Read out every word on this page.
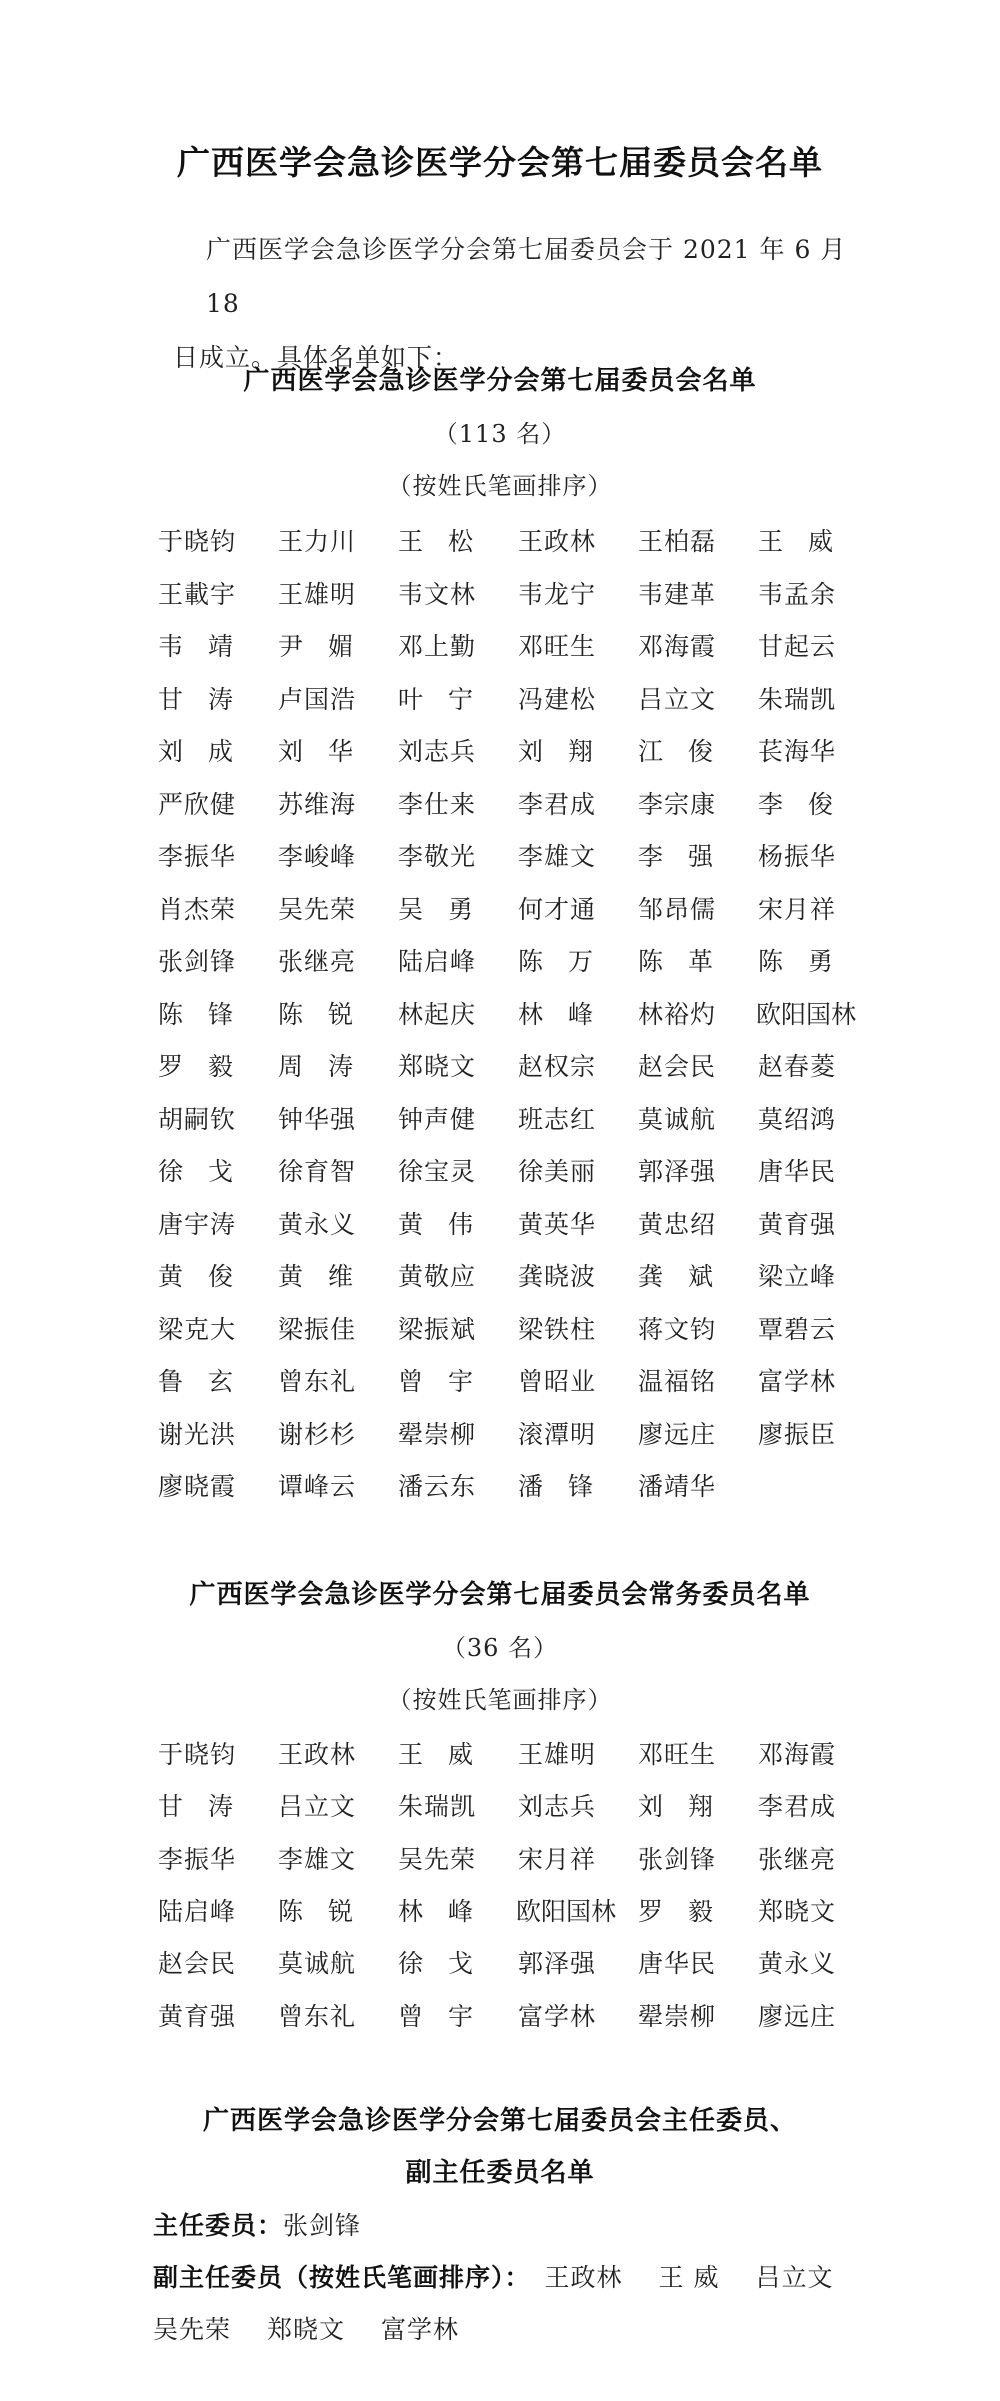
广西医学会急诊医学分会第七届委员会名单
广西医学会急诊医学分会第七届委员会于 2021 年 6 月 18
日成立。具体名单如下：
广西医学会急诊医学分会第七届委员会名单
（113 名）
（按姓氏笔画排序）
于晓钧 王力川 王 松 王政林 王柏磊 王 威
王載宇 王雄明 韦文林 韦龙宁 韦建革 韦孟余
韦 靖 尹 媚 邓上勤 邓旺生 邓海霞 甘起云
甘 涛 卢国浩 叶 宁 冯建松 吕立文 朱瑞凯
刘 成 刘 华 刘志兵 刘 翔 江 俊 苌海华
严欣健 苏维海 李仕来 李君成 李宗康 李 俊
李振华 李峻峰 李敬光 李雄文 李 强 杨振华
肖杰荣 吴先荣 吴 勇 何才通 邹昂儒 宋月祥
张剑锋 张继亮 陆启峰 陈 万 陈 革 陈 勇
陈 锋 陈 锐 林起庆 林 峰 林裕灼 欧阳国林
罗 毅 周 涛 郑晓文 赵权宗 赵会民 赵春菱
胡嗣钦 钟华强 钟声健 班志红 莫诚航 莫绍鸿
徐 戈 徐育智 徐宝灵 徐美丽 郭泽强 唐华民
唐宇涛 黄永义 黄 伟 黄英华 黄忠绍 黄育强
黄 俊 黄 维 黄敬应 龚晓波 龚 斌 梁立峰
梁克大 梁振佳 梁振斌 梁铁柱 蒋文钧 覃碧云
鲁 玄 曾东礼 曾 宇 曾昭业 温福铭 富学林
谢光洪 谢杉杉 翚崇柳 滚潭明 廖远庄 廖振臣
廖晓霞 谭峰云 潘云东 潘 锋 潘靖华
广西医学会急诊医学分会第七届委员会常务委员名单
（36 名）
（按姓氏笔画排序）
于晓钧 王政林 王 威 王雄明 邓旺生 邓海霞
甘 涛 吕立文 朱瑞凯 刘志兵 刘 翔 李君成
李振华 李雄文 吴先荣 宋月祥 张剑锋 张继亮
陆启峰 陈 锐 林 峰 欧阳国林 罗 毅 郑晓文
赵会民 莫诚航 徐 戈 郭泽强 唐华民 黄永义
黄育强 曾东礼 曾 宇 富学林 翚崇柳 廖远庄
广西医学会急诊医学分会第七届委员会主任委员、
副主任委员名单
主任委员：张剑锋
副主任委员（按姓氏笔画排序）： 王政林 王 威 吕立文
吴先荣 郑晓文 富学林
